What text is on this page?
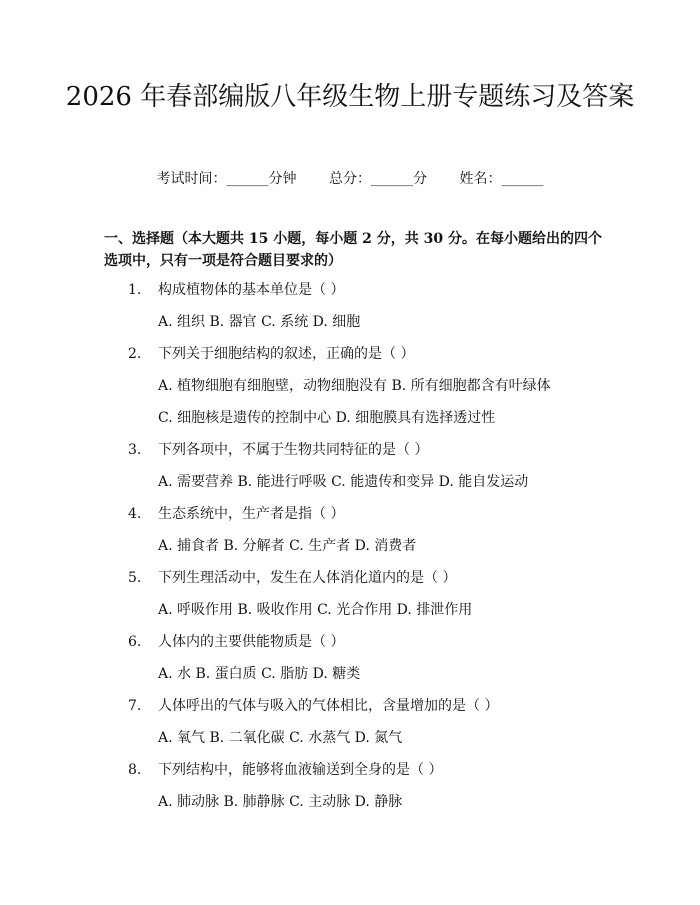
2026 年春部编版八年级生物上册专题练习及答案
考试时间：______分钟 总分：______分 姓名：______

一、选择题（本大题共 15 小题，每小题 2 分，共 30 分。在每小题给出的四个选项中，只有一项是符合题目要求的）

1. 构成植物体的基本单位是（ ）
A. 组织 B. 器官 C. 系统 D. 细胞
2. 下列关于细胞结构的叙述，正确的是（ ）
A. 植物细胞有细胞壁，动物细胞没有 B. 所有细胞都含有叶绿体
C. 细胞核是遗传的控制中心 D. 细胞膜具有选择透过性
3. 下列各项中，不属于生物共同特征的是（ ）
A. 需要营养 B. 能进行呼吸 C. 能遗传和变异 D. 能自发运动
4. 生态系统中，生产者是指（ ）
A. 捕食者 B. 分解者 C. 生产者 D. 消费者
5. 下列生理活动中，发生在人体消化道内的是（ ）
A. 呼吸作用 B. 吸收作用 C. 光合作用 D. 排泄作用
6. 人体内的主要供能物质是（ ）
A. 水 B. 蛋白质 C. 脂肪 D. 糖类
7. 人体呼出的气体与吸入的气体相比，含量增加的是（ ）
A. 氧气 B. 二氧化碳 C. 水蒸气 D. 氮气
8. 下列结构中，能够将血液输送到全身的是（ ）
A. 肺动脉 B. 肺静脉 C. 主动脉 D. 静脉
